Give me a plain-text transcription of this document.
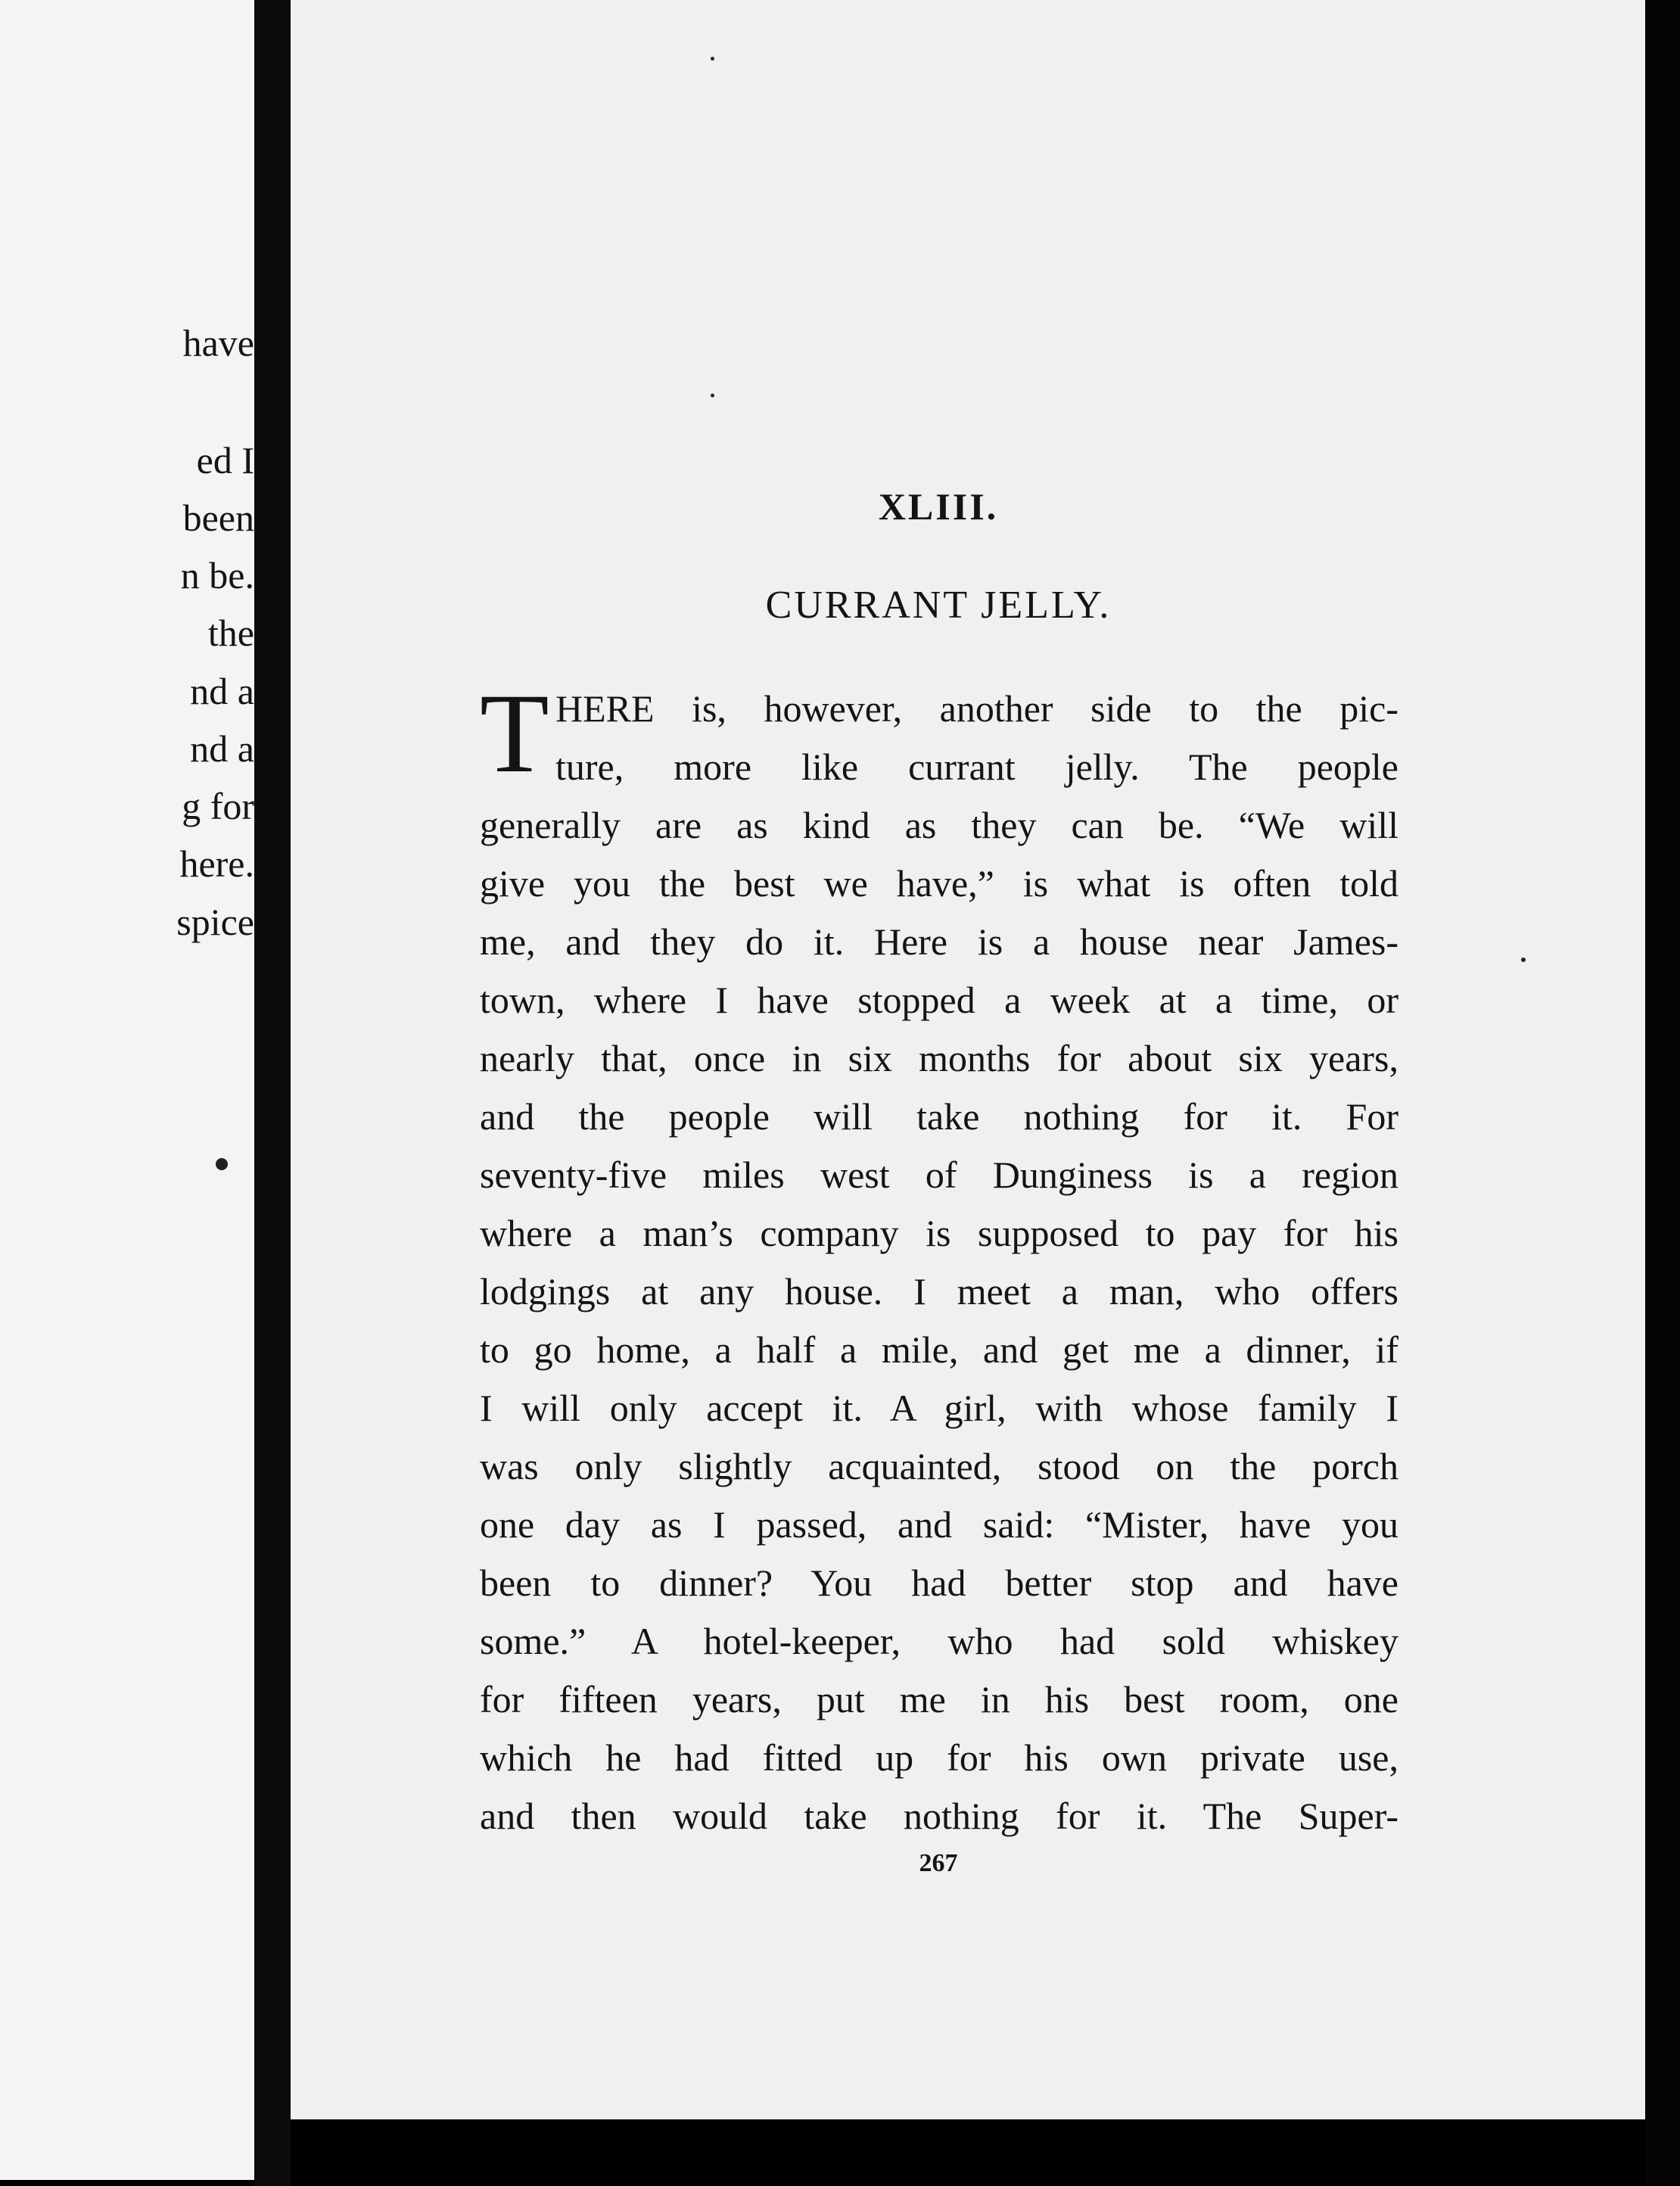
have
ed I
been
n be.
the
nd a
nd a
g for
here.
spice
XLIII.
CURRANT JELLY.
T HERE is, however, another side to the pic-
ture, more like currant jelly. The people
generally are as kind as they can be. “We will
give you the best we have,” is what is often told
me, and they do it. Here is a house near James-
town, where I have stopped a week at a time, or
nearly that, once in six months for about six years,
and the people will take nothing for it. For
seventy-five miles west of Dunginess is a region
where a man’s company is supposed to pay for his
lodgings at any house. I meet a man, who offers
to go home, a half a mile, and get me a dinner, if
I will only accept it. A girl, with whose family I
was only slightly acquainted, stood on the porch
one day as I passed, and said: “Mister, have you
been to dinner? You had better stop and have
some.” A hotel-keeper, who had sold whiskey
for fifteen years, put me in his best room, one
which he had fitted up for his own private use,
and then would take nothing for it. The Super-
267
